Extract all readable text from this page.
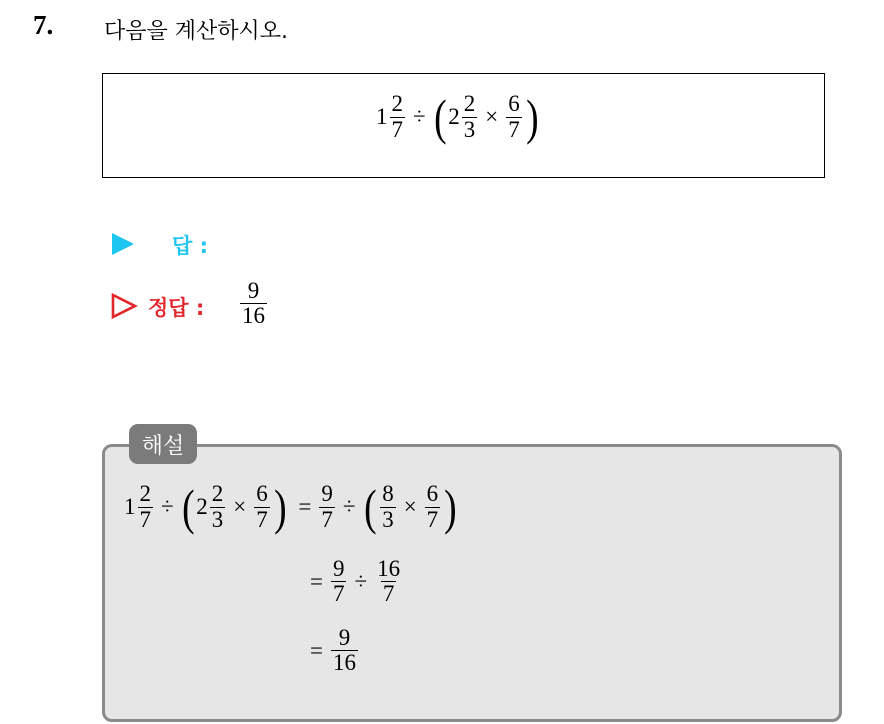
7. 다음을 계산하시오.
$1 \frac{2}{7}$ ÷ ( $2 \frac{2}{3} \times \frac{6}{7}$ )
답 :
정답 : $\frac{9}{16}$
해설
$1 \frac{2}{7}$ ÷ ( $2 \frac{2}{3} \times \frac{6}{7}$ ) = $\frac{9}{7}$ ÷ ( $\frac{8}{3} \times \frac{6}{7}$ )
= $\frac{9}{7} \div \frac{16}{7}$
= $\frac{9}{16}$
